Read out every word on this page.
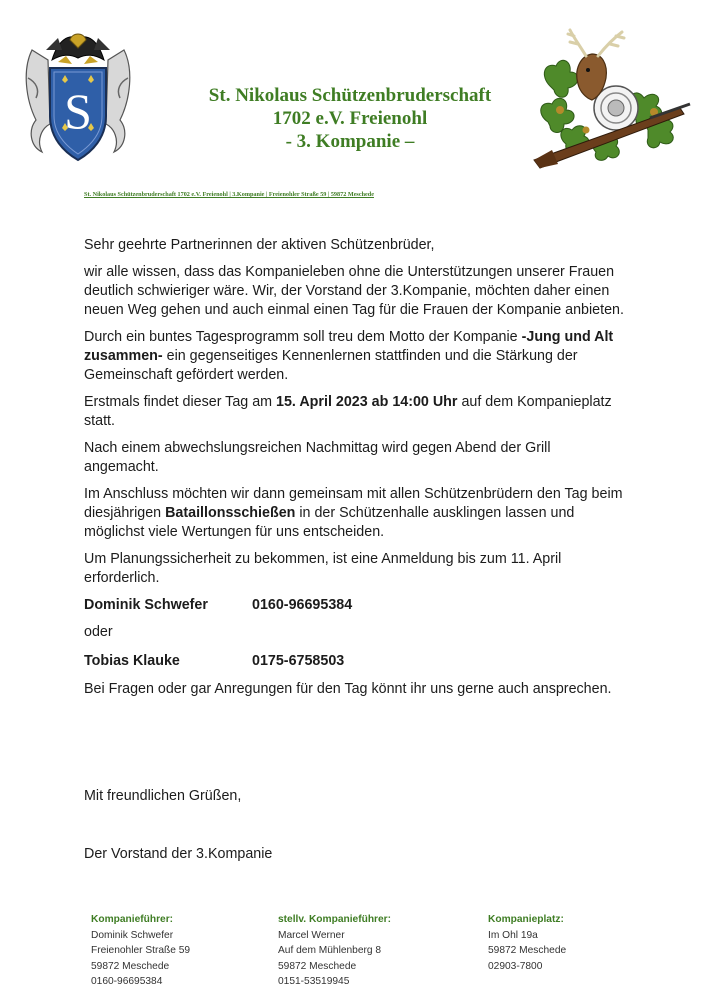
S	St. Nikolaus Schützenbruderschaft
1702 e.V. Freienohl
- 3. Kompanie –
St. Nikolaus Schützenbruderschaft 1702 e.V. Freienohl | 3.Kompanie | Freienohler Straße 59 | 59872 Meschede

Sehr geehrte Partnerinnen der aktiven Schützenbrüder,

wir alle wissen, dass das Kompanieleben ohne die Unterstützungen unserer Frauen deutlich schwieriger wäre. Wir, der Vorstand der 3.Kompanie, möchten daher einen neuen Weg gehen und auch einmal einen Tag für die Frauen der Kompanie anbieten.

Durch ein buntes Tagesprogramm soll treu dem Motto der Kompanie -Jung und Alt zusammen- ein gegenseitiges Kennenlernen stattfinden und die Stärkung der Gemeinschaft gefördert werden.

Erstmals findet dieser Tag am 15. April 2023 ab 14:00 Uhr auf dem Kompanieplatz statt.

Nach einem abwechslungsreichen Nachmittag wird gegen Abend der Grill angemacht.

Im Anschluss möchten wir dann gemeinsam mit allen Schützenbrüdern den Tag beim diesjährigen Bataillonsschießen in der Schützenhalle ausklingen lassen und möglichst viele Wertungen für uns entscheiden.

Um Planungssicherheit zu bekommen, ist eine Anmeldung bis zum 11. April erforderlich.

Dominik Schwefer	0160-96695384

oder

Tobias Klauke	0175-6758503

Bei Fragen oder gar Anregungen für den Tag könnt ihr uns gerne auch ansprechen.

Mit freundlichen Grüßen,
Der Vorstand der 3.Kompanie
Kompanieführer:
Dominik Schwefer
Freienohler Straße 59
59872 Meschede
0160-96695384
stellv. Kompanieführer:
Marcel Werner
Auf dem Mühlenberg 8
59872 Meschede
0151-53519945
Kompanieplatz:
Im Ohl 19a
59872 Meschede
02903-7800
